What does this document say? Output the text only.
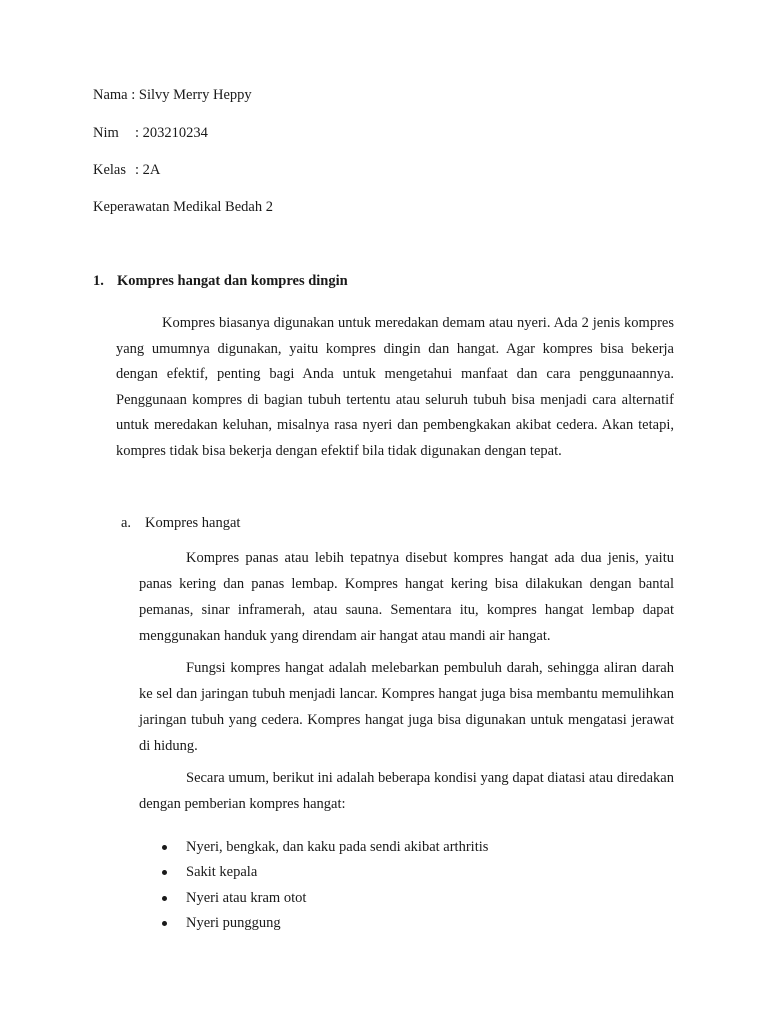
Nama : Silvy Merry Heppy
Nim : 203210234
Kelas : 2A
Keperawatan Medikal Bedah 2
1. Kompres hangat dan kompres dingin

Kompres biasanya digunakan untuk meredakan demam atau nyeri. Ada 2 jenis kompres yang umumnya digunakan, yaitu kompres dingin dan hangat. Agar kompres bisa bekerja dengan efektif, penting bagi Anda untuk mengetahui manfaat dan cara penggunaannya. Penggunaan kompres di bagian tubuh tertentu atau seluruh tubuh bisa menjadi cara alternatif untuk meredakan keluhan, misalnya rasa nyeri dan pembengkakan akibat cedera. Akan tetapi, kompres tidak bisa bekerja dengan efektif bila tidak digunakan dengan tepat.

a. Kompres hangat

Kompres panas atau lebih tepatnya disebut kompres hangat ada dua jenis, yaitu panas kering dan panas lembap. Kompres hangat kering bisa dilakukan dengan bantal pemanas, sinar inframerah, atau sauna. Sementara itu, kompres hangat lembap dapat menggunakan handuk yang direndam air hangat atau mandi air hangat.

Fungsi kompres hangat adalah melebarkan pembuluh darah, sehingga aliran darah ke sel dan jaringan tubuh menjadi lancar. Kompres hangat juga bisa membantu memulihkan jaringan tubuh yang cedera. Kompres hangat juga bisa digunakan untuk mengatasi jerawat di hidung.

Secara umum, berikut ini adalah beberapa kondisi yang dapat diatasi atau diredakan dengan pemberian kompres hangat:

Nyeri, bengkak, dan kaku pada sendi akibat arthritis
Sakit kepala
Nyeri atau kram otot
Nyeri punggung
